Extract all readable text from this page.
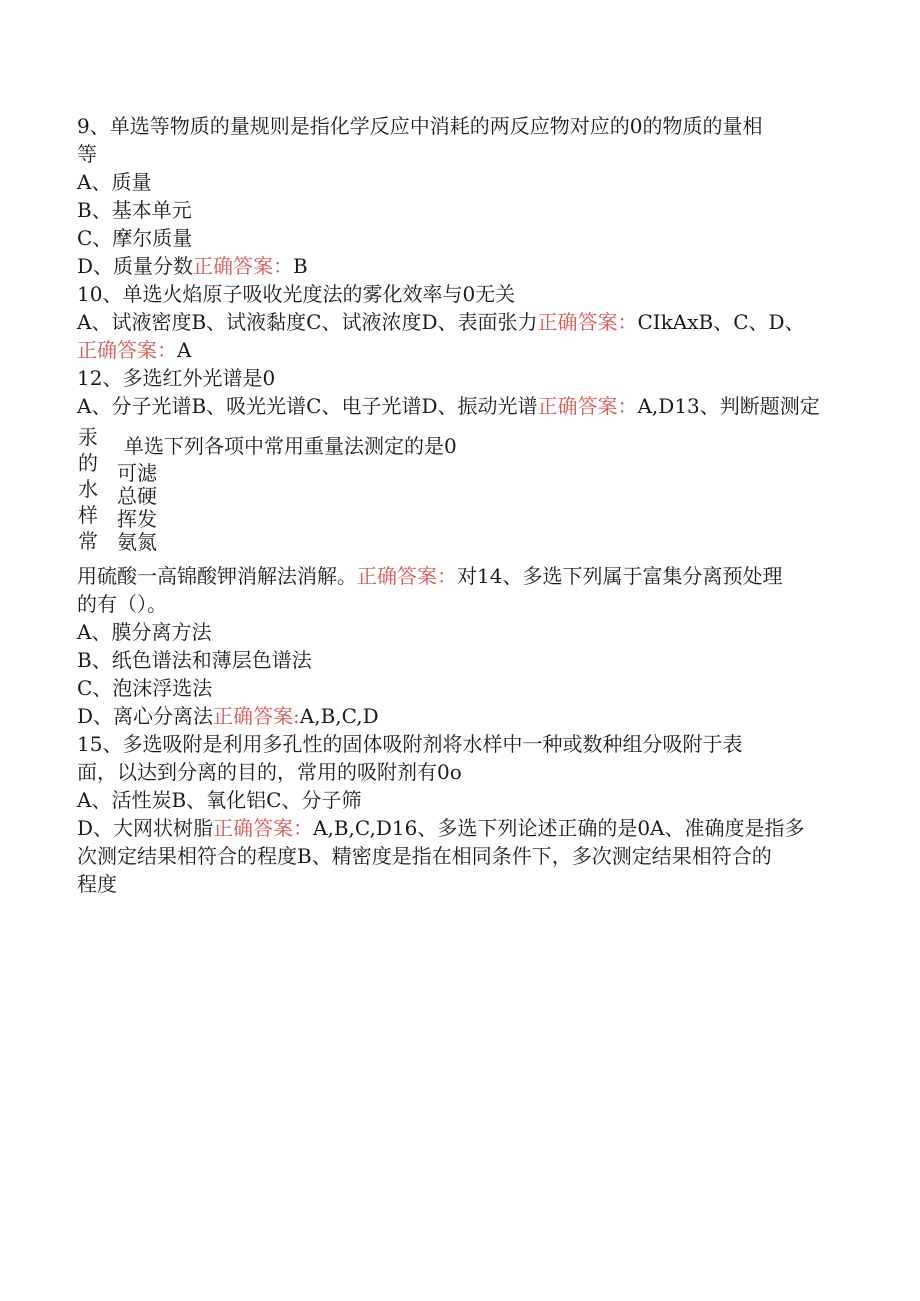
9、单选等物质的量规则是指化学反应中消耗的两反应物对应的0的物质的量相
等
A、质量
B、基本单元
C、摩尔质量
D、质量分数正确答案：B
10、单选火焰原子吸收光度法的雾化效率与0无关
A、试液密度B、试液黏度C、试液浓度D、表面张力正确答案：CIkAxB、C、D、
正确答案：A
12、多选红外光谱是0
A、分子光谱B、吸光光谱C、电子光谱D、振动光谱正确答案：A,D13、判断题测定
汞
的
水
样
常
单选下列各项中常用重量法测定的是0
可滤
总硬
挥发
氨氮
用硫酸一高锦酸钾消解法消解。正确答案：对14、多选下列属于富集分离预处理
的有（）。
A、膜分离方法
B、纸色谱法和薄层色谱法
C、泡沫浮选法
D、离心分离法正确答案:A,B,C,D
15、多选吸附是利用多孔性的固体吸附剂将水样中一种或数种组分吸附于表
面，以达到分离的目的，常用的吸附剂有0o
A、活性炭B、氧化铝C、分子筛
D、大网状树脂正确答案：A,B,C,D16、多选下列论述正确的是0A、准确度是指多
次测定结果相符合的程度B、精密度是指在相同条件下，多次测定结果相符合的
程度
